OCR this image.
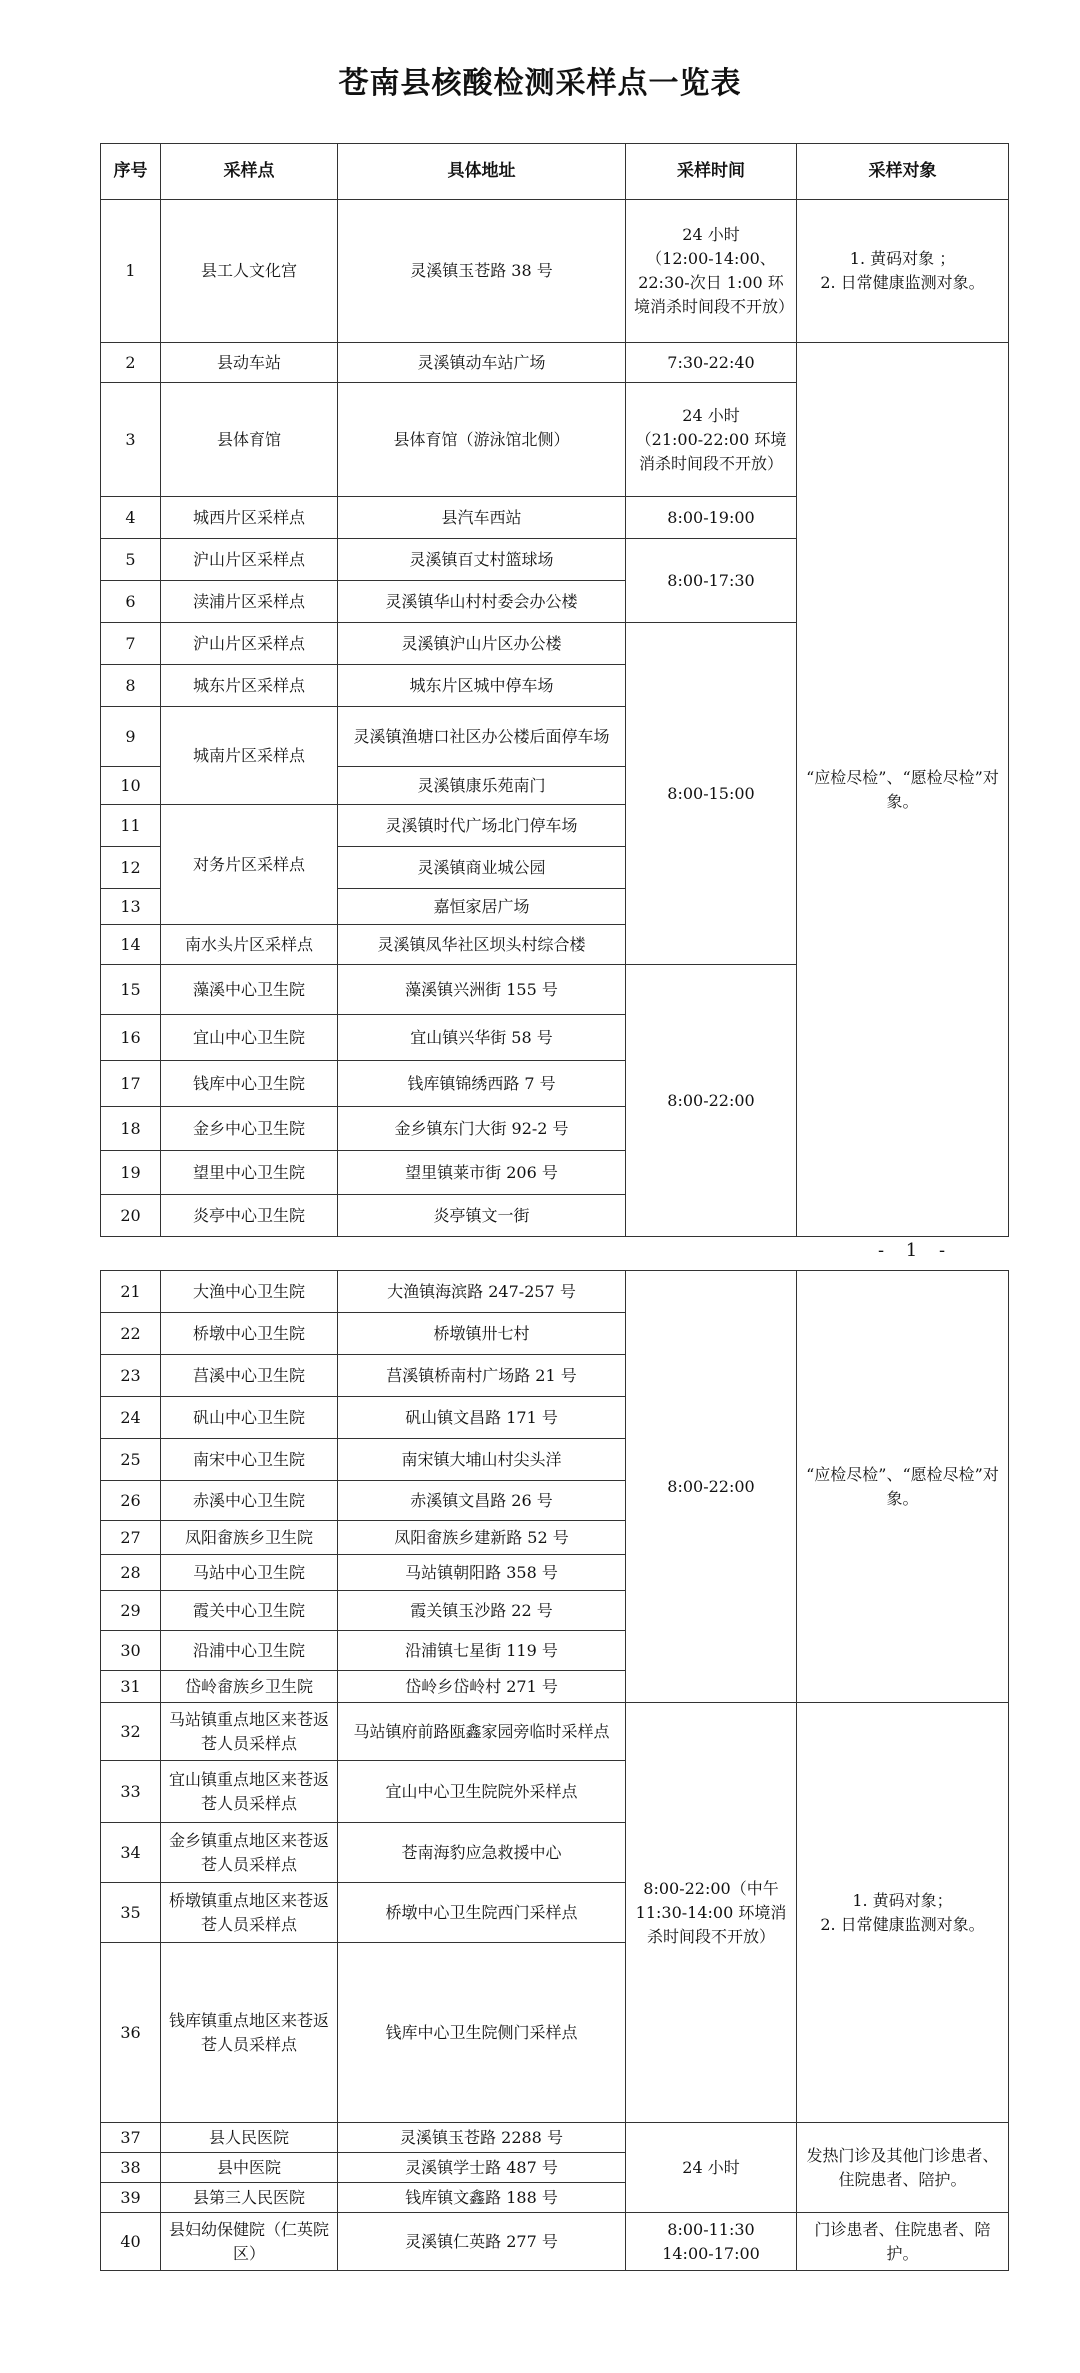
苍南县核酸检测采样点一览表
序号	采样点	具体地址	采样时间	采样对象
1	县工人文化宫	灵溪镇玉苍路 38 号	24 小时
（12:00-14:00、22:30-次日 1:00 环境消杀时间段不开放）	1. 黄码对象 ；
2. 日常健康监测对象。
2	县动车站	灵溪镇动车站广场	7:30-22:40	“应检尽检”、“愿检尽检”对象。
3	县体育馆	县体育馆（游泳馆北侧）	24 小时
（21:00-22:00 环境消杀时间段不开放）	
4	城西片区采样点	县汽车西站	8:00-19:00	
5	沪山片区采样点	灵溪镇百丈村篮球场	8:00-17:30	
6	渎浦片区采样点	灵溪镇华山村村委会办公楼		
7	沪山片区采样点	灵溪镇沪山片区办公楼	8:00-15:00	
8	城东片区采样点	城东片区城中停车场		
9	城南片区采样点	灵溪镇渔塘口社区办公楼后面停车场		
10		灵溪镇康乐苑南门		
11	对务片区采样点	灵溪镇时代广场北门停车场		
12		灵溪镇商业城公园		
13		嘉恒家居广场		
14	南水头片区采样点	灵溪镇凤华社区坝头村综合楼		
15	藻溪中心卫生院	藻溪镇兴洲街 155 号	8:00-22:00	
16	宜山中心卫生院	宜山镇兴华街 58 号		
17	钱库中心卫生院	钱库镇锦绣西路 7 号		
18	金乡中心卫生院	金乡镇东门大街 92-2 号		
19	望里中心卫生院	望里镇莱市街 206 号		
20	炎亭中心卫生院	炎亭镇文一街		
- 1 -
21	大渔中心卫生院	大渔镇海滨路 247-257 号	8:00-22:00	“应检尽检”、“愿检尽检”对象。
22	桥墩中心卫生院	桥墩镇卅七村		
23	莒溪中心卫生院	莒溪镇桥南村广场路 21 号		
24	矾山中心卫生院	矾山镇文昌路 171 号		
25	南宋中心卫生院	南宋镇大埔山村尖头洋		
26	赤溪中心卫生院	赤溪镇文昌路 26 号		
27	凤阳畲族乡卫生院	凤阳畲族乡建新路 52 号		
28	马站中心卫生院	马站镇朝阳路 358 号		
29	霞关中心卫生院	霞关镇玉沙路 22 号		
30	沿浦中心卫生院	沿浦镇七星街 119 号		
31	岱岭畲族乡卫生院	岱岭乡岱岭村 271 号		
32	马站镇重点地区来苍返苍人员采样点	马站镇府前路瓯鑫家园旁临时采样点	8:00-22:00（中午 11:30-14:00 环境消杀时间段不开放）	1. 黄码对象；
2. 日常健康监测对象。
33	宜山镇重点地区来苍返苍人员采样点	宜山中心卫生院院外采样点		
34	金乡镇重点地区来苍返苍人员采样点	苍南海豹应急救援中心		
35	桥墩镇重点地区来苍返苍人员采样点	桥墩中心卫生院西门采样点		
36	钱库镇重点地区来苍返苍人员采样点	钱库中心卫生院侧门采样点		
37	县人民医院	灵溪镇玉苍路 2288 号	24 小时	发热门诊及其他门诊患者、住院患者、陪护。
38	县中医院	灵溪镇学士路 487 号		
39	县第三人民医院	钱库镇文鑫路 188 号		
40	县妇幼保健院（仁英院区）	灵溪镇仁英路 277 号	8:00-11:30
14:00-17:00	门诊患者、住院患者、陪护。
